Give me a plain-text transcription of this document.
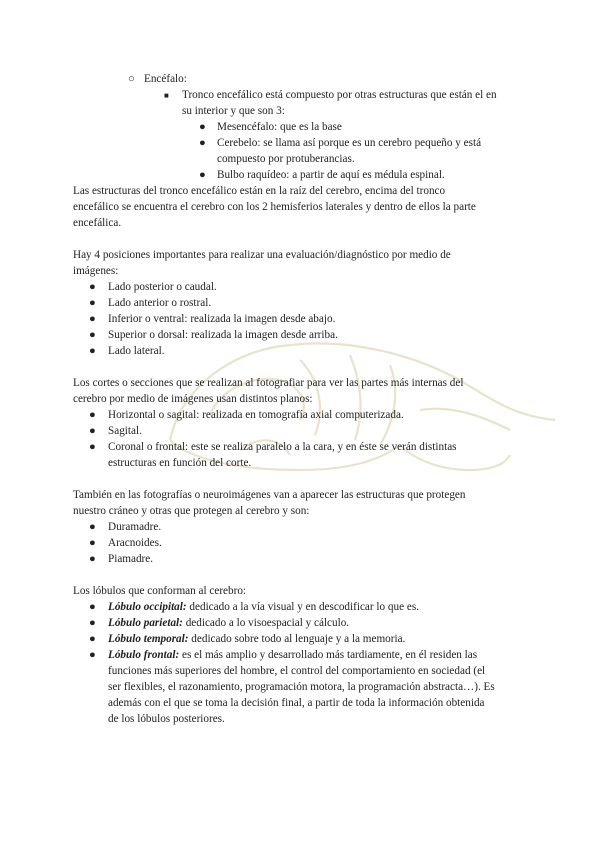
○ Encéfalo:
■ Tronco encefálico está compuesto por otras estructuras que están el en
su interior y que son 3:
● Mesencéfalo: que es la base
● Cerebelo: se llama así porque es un cerebro pequeño y está
compuesto por protuberancias.
● Bulbo raquídeo: a partir de aquí es médula espinal.
Las estructuras del tronco encefálico están en la raíz del cerebro, encima del tronco
encefálico se encuentra el cerebro con los 2 hemisferios laterales y dentro de ellos la parte
encefálica.
Hay 4 posiciones importantes para realizar una evaluación/diagnóstico por medio de
imágenes:
● Lado posterior o caudal.
● Lado anterior o rostral.
● Inferior o ventral: realizada la imagen desde abajo.
● Superior o dorsal: realizada la imagen desde arriba.
● Lado lateral.
Los cortes o secciones que se realizan al fotografiar para ver las partes más internas del
cerebro por medio de imágenes usan distintos planos:
● Horizontal o sagital: realizada en tomografía axial computerizada.
● Sagital.
● Coronal o frontal: este se realiza paralelo a la cara, y en éste se verán distintas
estructuras en función del corte.
También en las fotografías o neuroimágenes van a aparecer las estructuras que protegen
nuestro cráneo y otras que protegen al cerebro y son:
● Duramadre.
● Aracnoides.
● Piamadre.
Los lóbulos que conforman al cerebro:
● Lóbulo occipital: dedicado a la vía visual y en descodificar lo que es.
● Lóbulo parietal: dedicado a lo visoespacial y cálculo.
● Lóbulo temporal: dedicado sobre todo al lenguaje y a la memoria.
● Lóbulo frontal: es el más amplio y desarrollado más tardiamente, en él residen las
funciones más superiores del hombre, el control del comportamiento en sociedad (el
ser flexibles, el razonamiento, programación motora, la programación abstracta…). Es
además con el que se toma la decisión final, a partir de toda la información obtenida
de los lóbulos posteriores.
